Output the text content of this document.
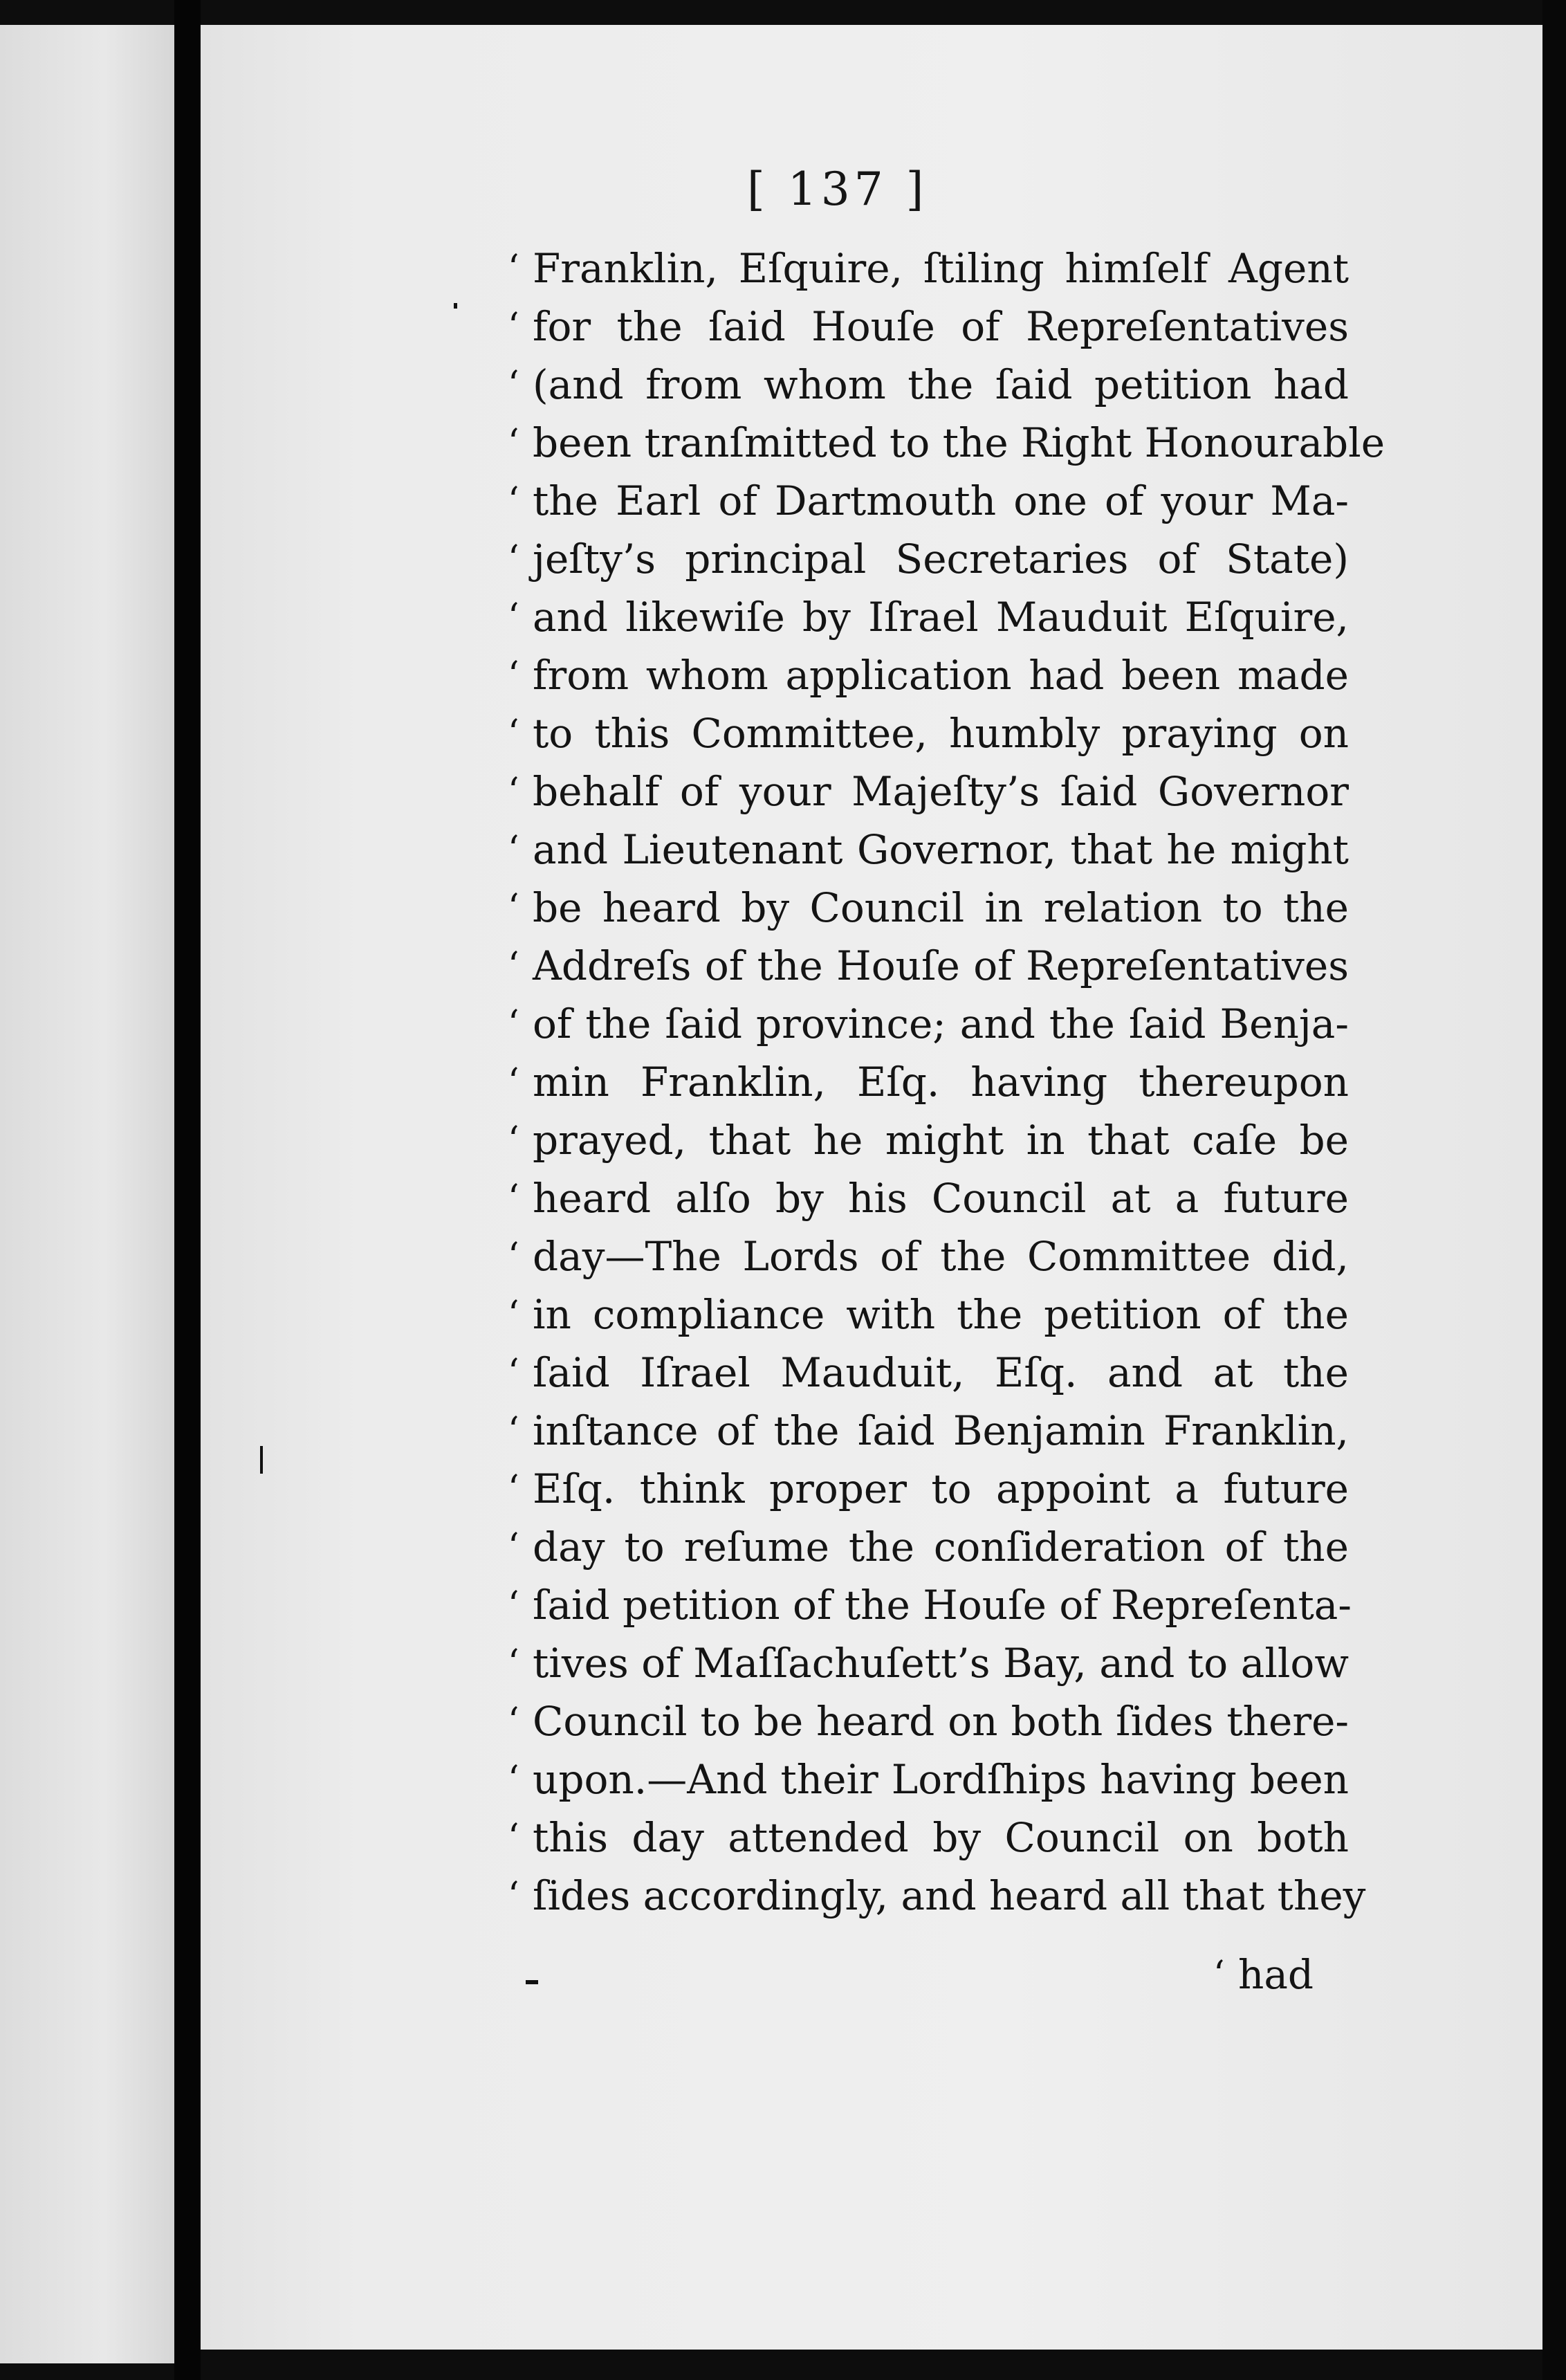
[ 137 ]
‘ Franklin, Eſquire, ſtiling himſelf Agent
‘ for the ſaid Houſe of Repreſentatives
‘ (and from whom the ſaid petition had
‘ been tranſmitted to the Right Honourable
‘ the Earl of Dartmouth one of your Ma-
‘ jeſty’s principal Secretaries of State)
‘ and likewiſe by Iſrael Mauduit Eſquire,
‘ from whom application had been made
‘ to this Committee, humbly praying on
‘ behalf of your Majeſty’s ſaid Governor
‘ and Lieutenant Governor, that he might
‘ be heard by Council in relation to the
‘ Addreſs of the Houſe of Repreſentatives
‘ of the ſaid province; and the ſaid Benja-
‘ min Franklin, Eſq. having thereupon
‘ prayed, that he might in that caſe be
‘ heard alſo by his Council at a future
‘ day—The Lords of the Committee did,
‘ in compliance with the petition of the
‘ ſaid Iſrael Mauduit, Eſq. and at the
‘ inſtance of the ſaid Benjamin Franklin,
‘ Eſq. think proper to appoint a future
‘ day to reſume the conſideration of the
‘ ſaid petition of the Houſe of Repreſenta-
‘ tives of Maſſachuſett’s Bay, and to allow
‘ Council to be heard on both ſides there-
‘ upon.—And their Lordſhips having been
‘ this day attended by Council on both
‘ ſides accordingly, and heard all that they
‘ had
